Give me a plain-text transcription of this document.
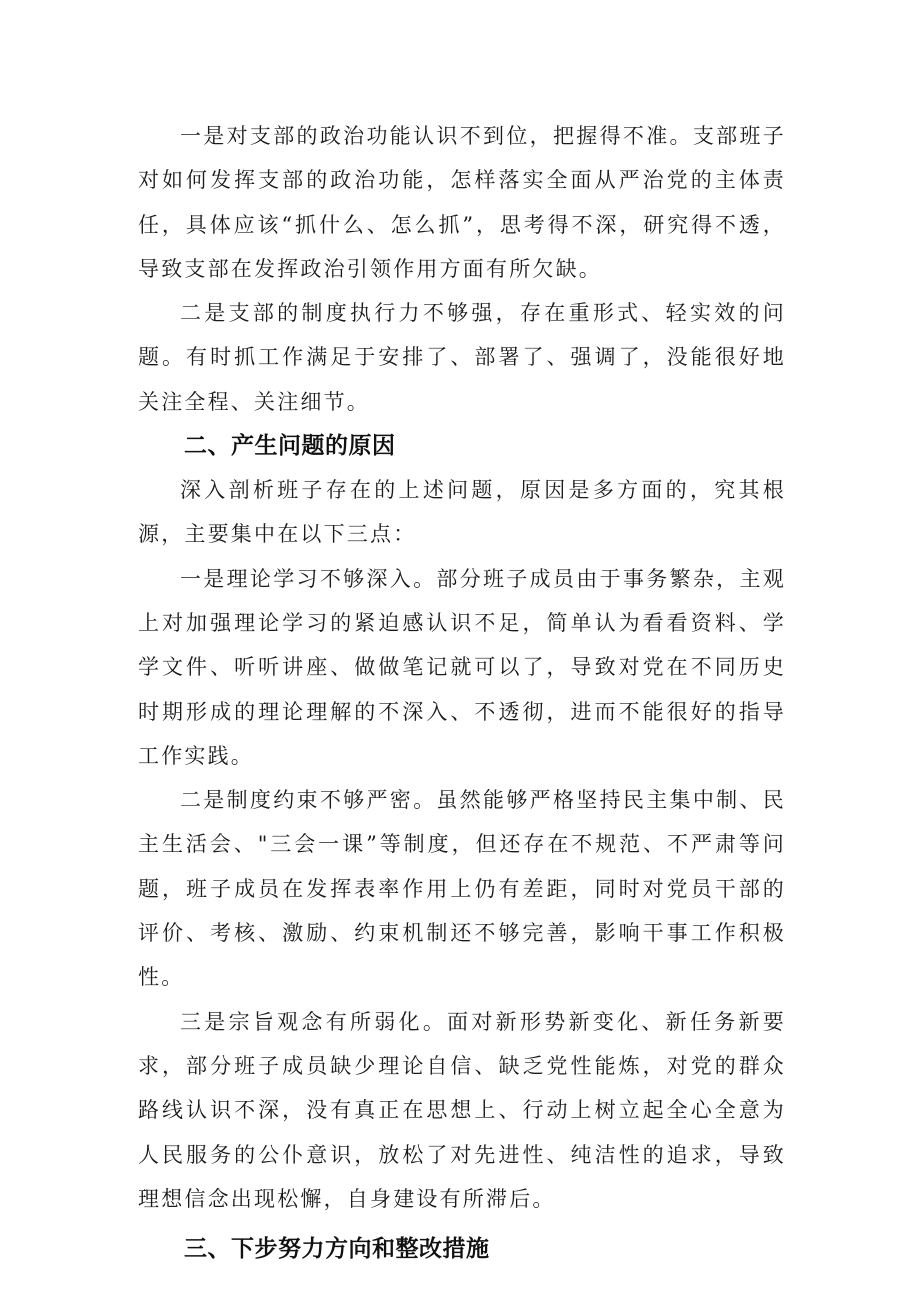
一是对支部的政治功能认识不到位，把握得不准。支部班子对如何发挥支部的政治功能，怎样落实全面从严治党的主体责任，具体应该“抓什么、怎么抓”，思考得不深，研究得不透，导致支部在发挥政治引领作用方面有所欠缺。

二是支部的制度执行力不够强，存在重形式、轻实效的问题。有时抓工作满足于安排了、部署了、强调了，没能很好地关注全程、关注细节。

二、产生问题的原因

深入剖析班子存在的上述问题，原因是多方面的，究其根源，主要集中在以下三点：

一是理论学习不够深入。部分班子成员由于事务繁杂，主观上对加强理论学习的紧迫感认识不足，简单认为看看资料、学学文件、听听讲座、做做笔记就可以了，导致对党在不同历史时期形成的理论理解的不深入、不透彻，进而不能很好的指导工作实践。

二是制度约束不够严密。虽然能够严格坚持民主集中制、民主生活会、"三会一课”等制度，但还存在不规范、不严肃等问题，班子成员在发挥表率作用上仍有差距，同时对党员干部的评价、考核、激励、约束机制还不够完善，影响干事工作积极性。

三是宗旨观念有所弱化。面对新形势新变化、新任务新要求，部分班子成员缺少理论自信、缺乏党性能炼，对党的群众路线认识不深，没有真正在思想上、行动上树立起全心全意为人民服务的公仆意识，放松了对先进性、纯洁性的追求，导致理想信念出现松懈，自身建设有所滞后。

三、下步努力方向和整改措施
